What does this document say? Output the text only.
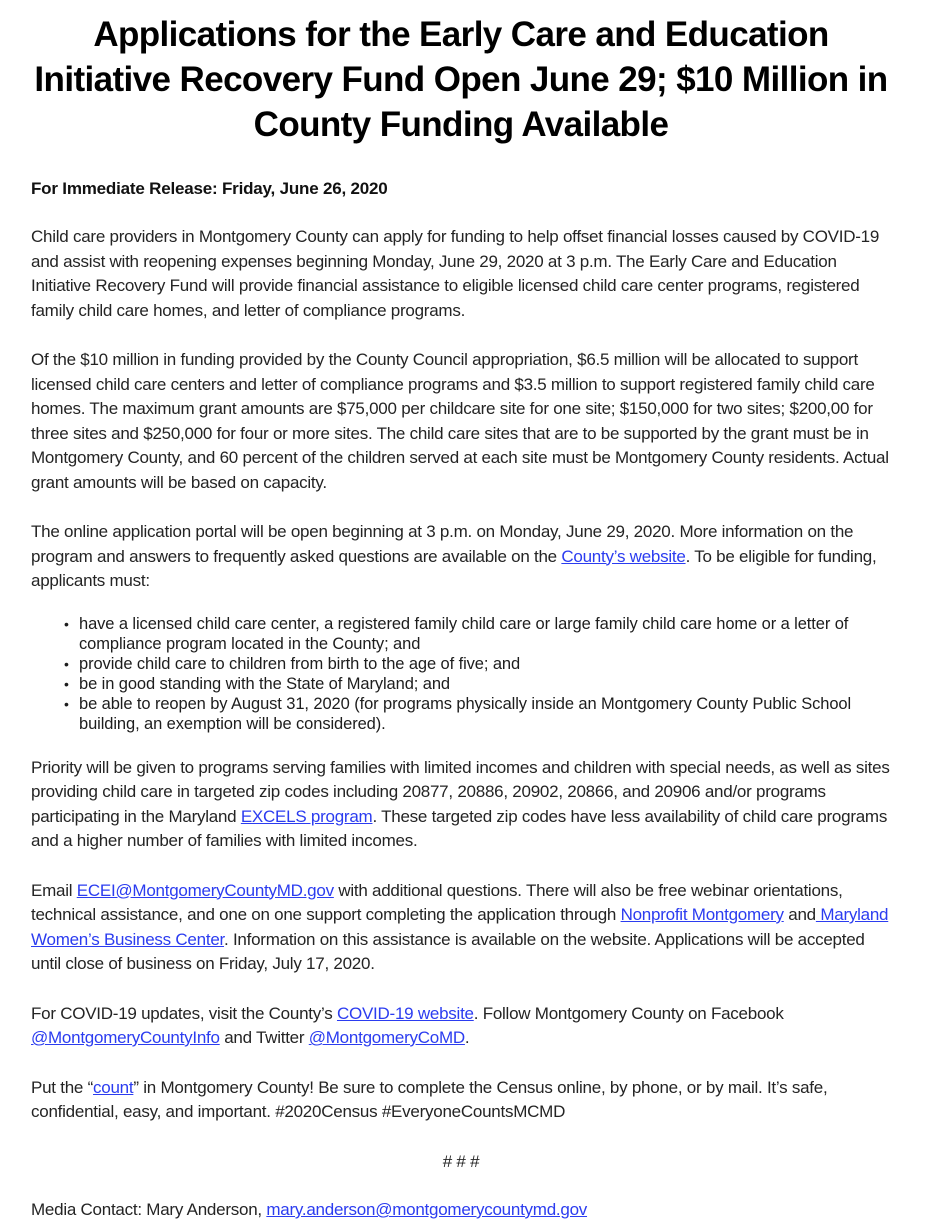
Applications for the Early Care and Education Initiative Recovery Fund Open June 29; $10 Million in County Funding Available

For Immediate Release: Friday, June 26, 2020

Child care providers in Montgomery County can apply for funding to help offset financial losses caused by COVID-19 and assist with reopening expenses beginning Monday, June 29, 2020 at 3 p.m. The Early Care and Education Initiative Recovery Fund will provide financial assistance to eligible licensed child care center programs, registered family child care homes, and letter of compliance programs.

Of the $10 million in funding provided by the County Council appropriation, $6.5 million will be allocated to support licensed child care centers and letter of compliance programs and $3.5 million to support registered family child care homes. The maximum grant amounts are $75,000 per childcare site for one site; $150,000 for two sites; $200,00 for three sites and $250,000 for four or more sites. The child care sites that are to be supported by the grant must be in Montgomery County, and 60 percent of the children served at each site must be Montgomery County residents. Actual grant amounts will be based on capacity.

The online application portal will be open beginning at 3 p.m. on Monday, June 29, 2020. More information on the program and answers to frequently asked questions are available on the County’s website. To be eligible for funding, applicants must:

• have a licensed child care center, a registered family child care or large family child care home or a letter of compliance program located in the County; and
• provide child care to children from birth to the age of five; and
• be in good standing with the State of Maryland; and
• be able to reopen by August 31, 2020 (for programs physically inside an Montgomery County Public School building, an exemption will be considered).

Priority will be given to programs serving families with limited incomes and children with special needs, as well as sites providing child care in targeted zip codes including 20877, 20886, 20902, 20866, and 20906 and/or programs participating in the Maryland EXCELS program. These targeted zip codes have less availability of child care programs and a higher number of families with limited incomes.

Email ECEI@MontgomeryCountyMD.gov with additional questions. There will also be free webinar orientations, technical assistance, and one on one support completing the application through Nonprofit Montgomery and Maryland Women’s Business Center. Information on this assistance is available on the website. Applications will be accepted until close of business on Friday, July 17, 2020.

For COVID-19 updates, visit the County’s COVID-19 website. Follow Montgomery County on Facebook @MontgomeryCountyInfo and Twitter @MontgomeryCoMD.

Put the “count” in Montgomery County! Be sure to complete the Census online, by phone, or by mail. It’s safe, confidential, easy, and important. #2020Census #EveryoneCountsMCMD

# # #

Media Contact: Mary Anderson, mary.anderson@montgomerycountymd.gov
